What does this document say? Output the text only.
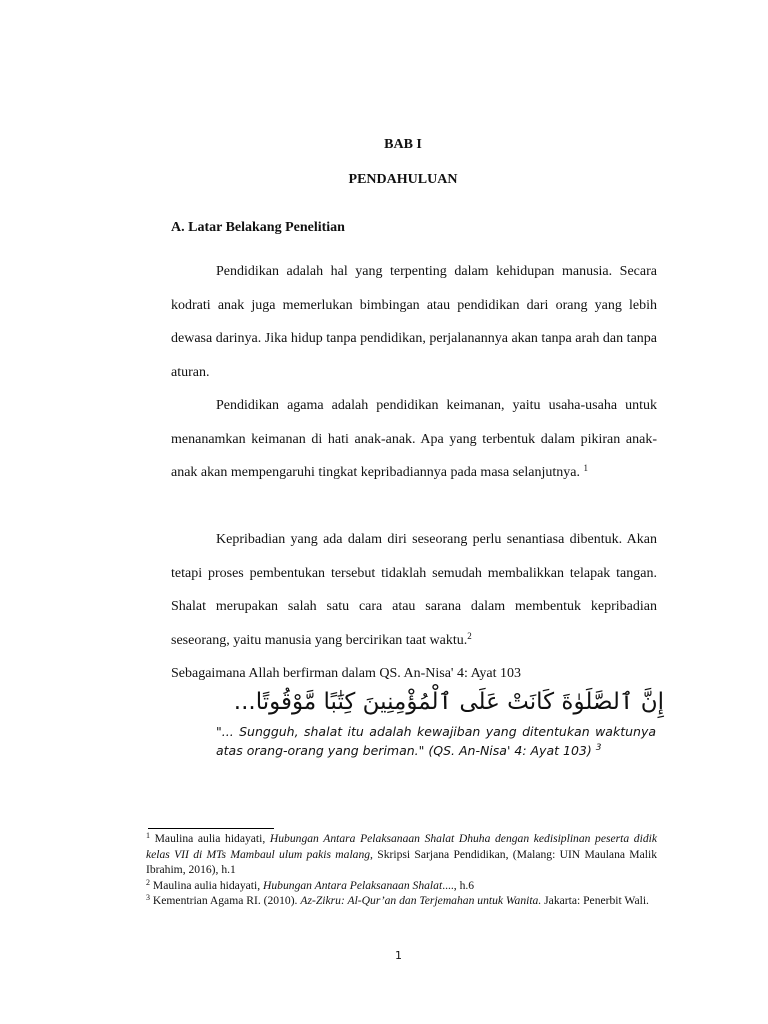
BAB I
PENDAHULUAN
A. Latar Belakang Penelitian

Pendidikan adalah hal yang terpenting dalam kehidupan manusia. Secara kodrati anak juga memerlukan bimbingan atau pendidikan dari orang yang lebih dewasa darinya. Jika hidup tanpa pendidikan, perjalanannya akan tanpa arah dan tanpa aturan.

Pendidikan agama adalah pendidikan keimanan, yaitu usaha-usaha untuk menanamkan keimanan di hati anak-anak. Apa yang terbentuk dalam pikiran anak-anak akan mempengaruhi tingkat kepribadiannya pada masa selanjutnya. $^1$

Kepribadian yang ada dalam diri seseorang perlu senantiasa dibentuk. Akan tetapi proses pembentukan tersebut tidaklah semudah membalikkan telapak tangan. Shalat merupakan salah satu cara atau sarana dalam membentuk kepribadian seseorang, yaitu manusia yang bercirikan taat waktu.$^2$

Sebagaimana Allah berfirman dalam QS. An-Nisa' 4: Ayat 103

إِنَّ ٱلصَّلَوٰةَ كَانَتْ عَلَى ٱلْمُؤْمِنِينَ كِتَٰبًا مَّوْقُوتًا...
"... Sungguh, shalat itu adalah kewajiban yang ditentukan waktunya atas orang-orang yang beriman." (QS. An-Nisa' 4: Ayat 103) $^3$

$^1$ Maulina aulia hidayati, Hubungan Antara Pelaksanaan Shalat Dhuha dengan kedisiplinan peserta didik kelas VII di MTs Mambaul ulum pakis malang, Skripsi Sarjana Pendidikan, (Malang: UIN Maulana Malik Ibrahim, 2016), h.1

$^2$ Maulina aulia hidayati, Hubungan Antara Pelaksanaan Shalat...., h.6

$^3$ Kementrian Agama RI. (2010). Az-Zikru: Al-Qur’an dan Terjemahan untuk Wanita. Jakarta: Penerbit Wali.

1
